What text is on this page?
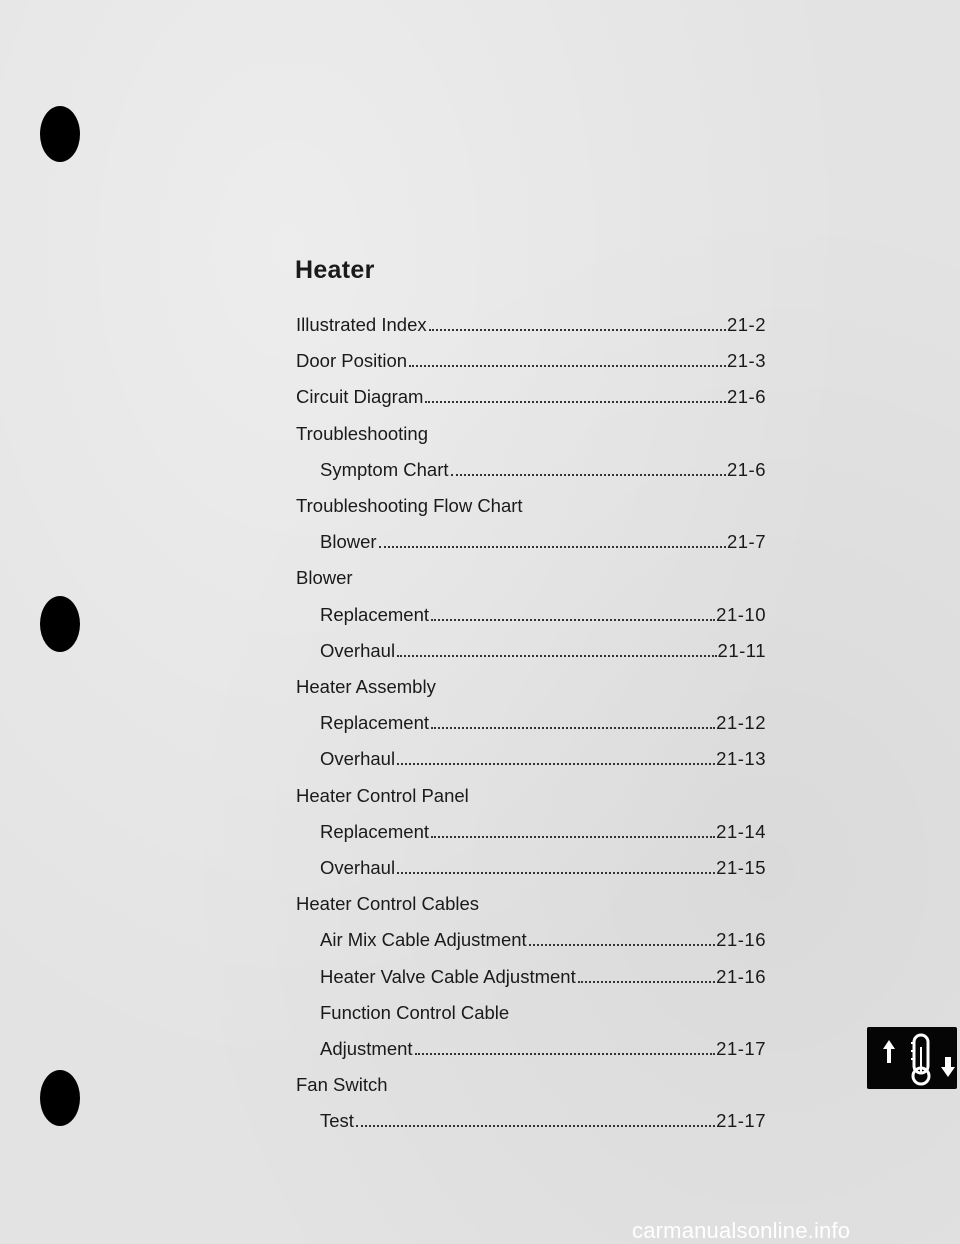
Heater
Illustrated Index	21-2
Door Position	21-3
Circuit Diagram	21-6
Troubleshooting
Symptom Chart	21-6
Troubleshooting Flow Chart
Blower	21-7
Blower
Replacement	21-10
Overhaul	21-11
Heater Assembly
Replacement	21-12
Overhaul	21-13
Heater Control Panel
Replacement	21-14
Overhaul	21-15
Heater Control Cables
Air Mix Cable Adjustment	21-16
Heater Valve Cable Adjustment	21-16
Function Control Cable
Adjustment	21-17
Fan Switch
Test	21-17
carmanualsonline.info
